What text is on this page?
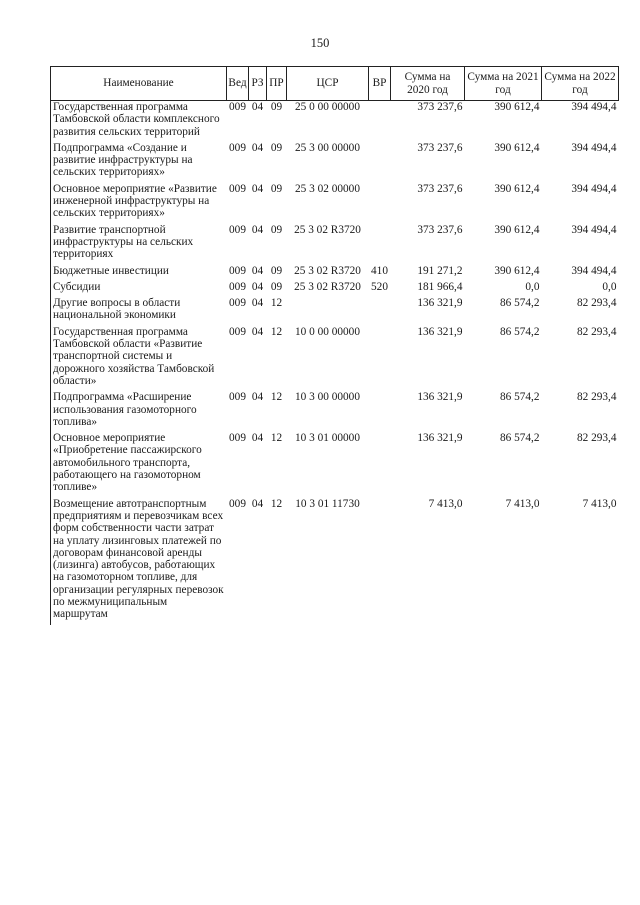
150
Наименование	Вед	РЗ	ПР	ЦСР	ВР	Сумма на 2020 год	Сумма на 2021 год	Сумма на 2022 год
Государственная программа Тамбовской области комплексного развития сельских территорий	009	04	09	25 0 00 00000		373 237,6	390 612,4	394 494,4
Подпрограмма «Создание и развитие инфраструктуры на сельских территориях»	009	04	09	25 3 00 00000		373 237,6	390 612,4	394 494,4
Основное мероприятие «Развитие инженерной инфраструктуры на сельских территориях»	009	04	09	25 3 02 00000		373 237,6	390 612,4	394 494,4
Развитие транспортной инфраструктуры на сельских территориях	009	04	09	25 3 02 R3720		373 237,6	390 612,4	394 494,4
Бюджетные инвестиции	009	04	09	25 3 02 R3720	410	191 271,2	390 612,4	394 494,4
Субсидии	009	04	09	25 3 02 R3720	520	181 966,4	0,0	0,0
Другие вопросы в области национальной экономики	009	04	12			136 321,9	86 574,2	82 293,4
Государственная программа Тамбовской области «Развитие транспортной системы и дорожного хозяйства Тамбовской области»	009	04	12	10 0 00 00000		136 321,9	86 574,2	82 293,4
Подпрограмма «Расширение использования газомоторного топлива»	009	04	12	10 3 00 00000		136 321,9	86 574,2	82 293,4
Основное мероприятие «Приобретение пассажирского автомобильного транспорта, работающего на газомоторном топливе»	009	04	12	10 3 01 00000		136 321,9	86 574,2	82 293,4
Возмещение автотранспортным предприятиям и перевозчикам всех форм собственности части затрат на уплату лизинговых платежей по договорам финансовой аренды (лизинга) автобусов, работающих на газомоторном топливе, для организации регулярных перевозок по межмуниципальным маршрутам	009	04	12	10 3 01 11730		7 413,0	7 413,0	7 413,0
